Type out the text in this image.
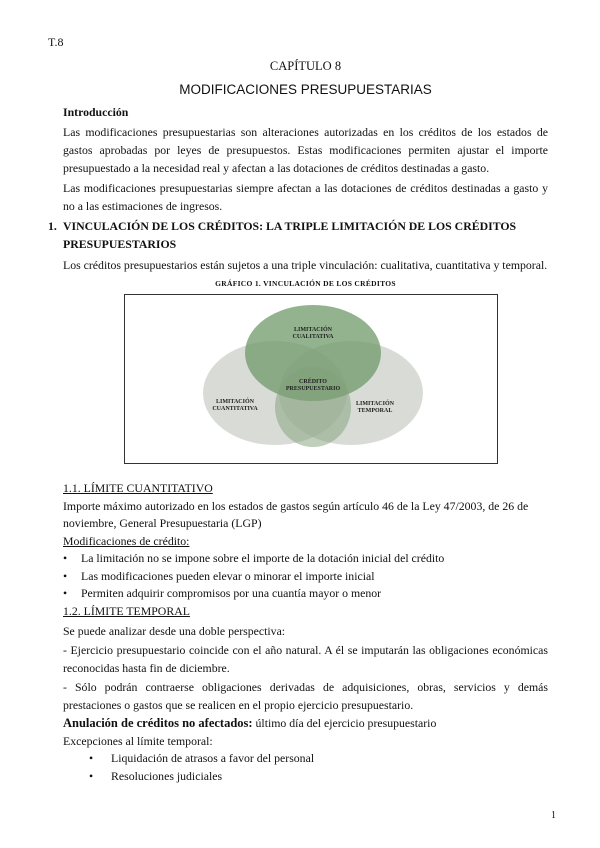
T.8
CAPÍTULO 8
MODIFICACIONES PRESUPUESTARIAS
Introducción
Las modificaciones presupuestarias son alteraciones autorizadas en los créditos de los estados de gastos aprobadas por leyes de presupuestos. Estas modificaciones permiten ajustar el importe presupuestado a la necesidad real y afectan a las dotaciones de créditos destinadas a gasto.
Las modificaciones presupuestarias siempre afectan a las dotaciones de créditos destinadas a gasto y no a las estimaciones de ingresos.
1. VINCULACIÓN DE LOS CRÉDITOS: LA TRIPLE LIMITACIÓN DE LOS CRÉDITOS PRESUPUESTARIOS
Los créditos presupuestarios están sujetos a una triple vinculación: cualitativa, cuantitativa y temporal.
GRÁFICO 1. VINCULACIÓN DE LOS CRÉDITOS
LIMITACIÓN
CUALITATIVA
CRÉDITO
PRESUPUESTARIO
LIMITACIÓN
CUANTITATIVA
LIMITACIÓN
TEMPORAL
1.1. LÍMITE CUANTITATIVO
Importe máximo autorizado en los estados de gastos según artículo 46 de la Ley 47/2003, de 26 de noviembre, General Presupuestaria (LGP)
Modificaciones de crédito:
• La limitación no se impone sobre el importe de la dotación inicial del crédito
• Las modificaciones pueden elevar o minorar el importe inicial
• Permiten adquirir compromisos por una cuantía mayor o menor
1.2. LÍMITE TEMPORAL
Se puede analizar desde una doble perspectiva:
- Ejercicio presupuestario coincide con el año natural. A él se imputarán las obligaciones económicas reconocidas hasta fin de diciembre.
- Sólo podrán contraerse obligaciones derivadas de adquisiciones, obras, servicios y demás prestaciones o gastos que se realicen en el propio ejercicio presupuestario.
Anulación de créditos no afectados: último día del ejercicio presupuestario
Excepciones al límite temporal:
• Liquidación de atrasos a favor del personal
• Resoluciones judiciales
1
